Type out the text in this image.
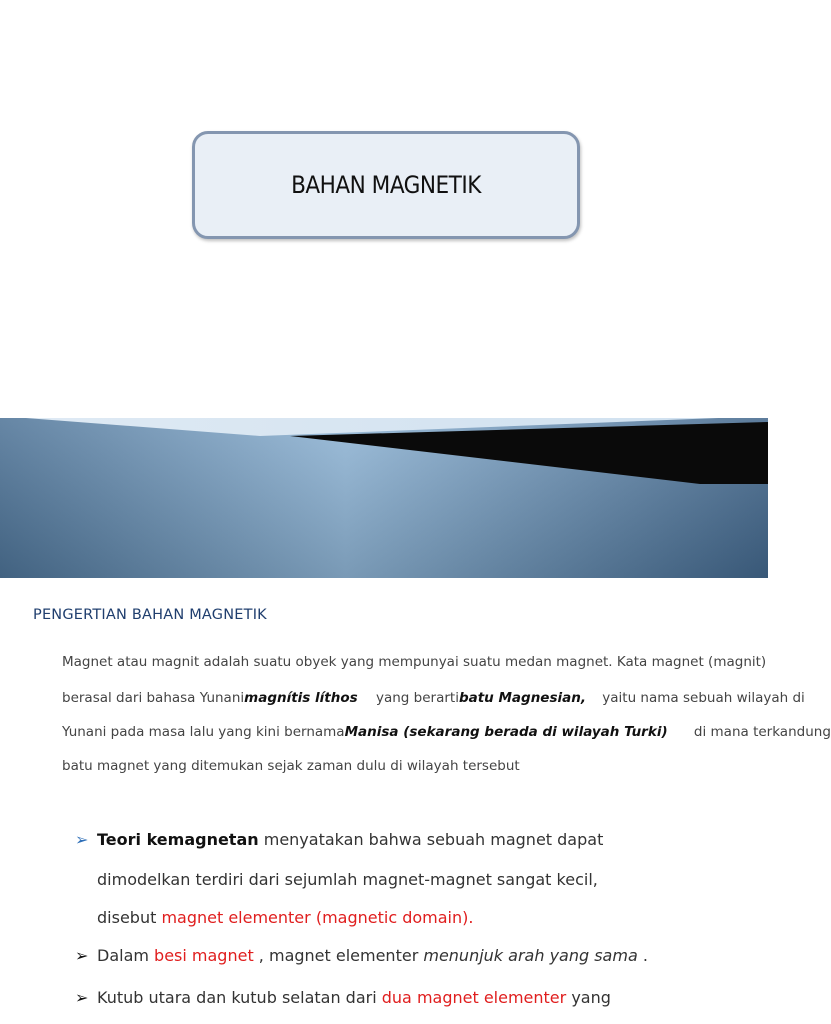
BAHAN MAGNETIK
PENGERTIAN BAHAN MAGNETIK
Magnet atau magnit adalah suatu obyek yang mempunyai suatu medan magnet. Kata magnet (magnit)
berasal dari bahasa Yunanimagnítis líthos yang berartibatu Magnesian, yaitu nama sebuah wilayah di
Yunani pada masa lalu yang kini bernamaManisa (sekarang berada di wilayah Turki) di mana terkandung
batu magnet yang ditemukan sejak zaman dulu di wilayah tersebut
➢ Teori kemagnetan menyatakan bahwa sebuah magnet dapat
dimodelkan terdiri dari sejumlah magnet-magnet sangat kecil,
disebut magnet elementer (magnetic domain).
➢ Dalam besi magnet , magnet elementer menunjuk arah yang sama .
➢ Kutub utara dan kutub selatan dari dua magnet elementer yang
